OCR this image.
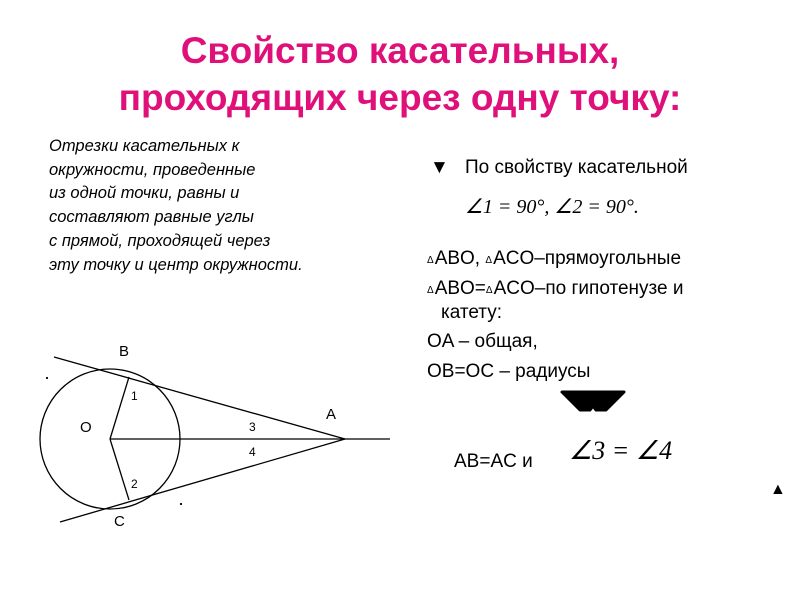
Свойство касательных,
проходящих через одну точку:
Отрезки касательных к
окружности, проведенные
из одной точки, равны и
составляют равные углы
с прямой, проходящей через
эту точку и центр окружности.
B
C
O
A
1
2
3
4
▼ По свойству касательной
∠1 = 90°, ∠2 = 90°.
ΔABO, ΔACO–прямоугольные
ΔABO=ΔACO–по гипотенузе и
катету:
OA – общая,
OB=OC – радиусы
AB=AC и ∠3 = ∠4
▲
